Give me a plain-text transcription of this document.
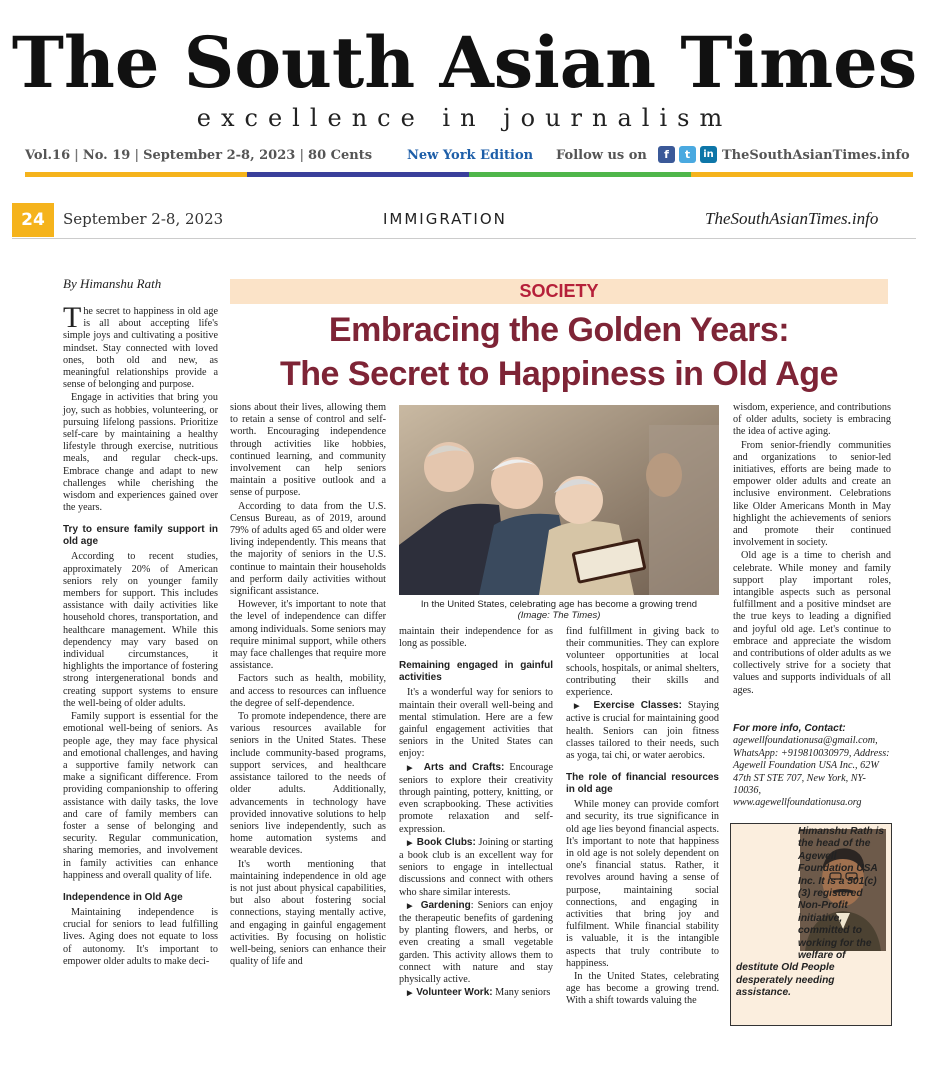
The South Asian Times
excellence in journalism
Vol.16 | No. 19 | September 2-8, 2023 | 80 Cents	New York Edition Follow us on	f	t	in TheSouthAsianTimes.info
24	September 2-8, 2023	IMMIGRATION	TheSouthAsianTimes.info
By Himanshu Rath	SOCIETY
Embracing the Golden Years:
The Secret to Happiness in Old Age

The secret to happiness in old age is all about accepting life's simple joys and cultivating a positive mindset. Stay connected with loved ones, both old and new, as meaningful relationships provide a sense of belonging and purpose.

Engage in activities that bring you joy, such as hobbies, volunteering, or pursuing lifelong passions. Prioritize self-care by maintaining a healthy lifestyle through exercise, nutritious meals, and regular check-ups. Embrace change and adapt to new challenges while cherishing the wisdom and experiences gained over the years.

Try to ensure family support in old age

According to recent studies, approximately 20% of American seniors rely on younger family members for support. This includes assistance with daily activities like household chores, transportation, and healthcare management. While this dependency may vary based on individual circumstances, it highlights the importance of fostering strong intergenerational bonds and creating support systems to ensure the well-being of older adults.

Family support is essential for the emotional well-being of seniors. As people age, they may face physical and emotional challenges, and having a supportive family network can make a significant difference. From providing companionship to offering assistance with daily tasks, the love and care of family members can foster a sense of belonging and security. Regular communication, sharing memories, and involvement in family activities can enhance happiness and overall quality of life.

Independence in Old Age

Maintaining independence is crucial for seniors to lead fulfilling lives. Aging does not equate to loss of autonomy. It's important to empower older adults to make deci-

sions about their lives, allowing them to retain a sense of control and self-worth. Encouraging independence through activities like hobbies, continued learning, and community involvement can help seniors maintain a positive outlook and a sense of purpose.

According to data from the U.S. Census Bureau, as of 2019, around 79% of adults aged 65 and older were living independently. This means that the majority of seniors in the U.S. continue to maintain their households and perform daily activities without significant assistance.

However, it's important to note that the level of independence can differ among individuals. Some seniors may require minimal support, while others may face challenges that require more assistance.

Factors such as health, mobility, and access to resources can influence the degree of self-dependence.

To promote independence, there are various resources available for seniors in the United States. These include community-based programs, support services, and healthcare assistance tailored to the needs of older adults. Additionally, advancements in technology have provided innovative solutions to help seniors live independently, such as home automation systems and wearable devices.

It's worth mentioning that maintaining independence in old age is not just about physical capabilities, but also about fostering social connections, staying mentally active, and engaging in gainful engagement activities. By focusing on holistic well-being, seniors can enhance their quality of life and

In the United States, celebrating age has become a growing trend
(Image: The Times)

maintain their independence for as long as possible.

Remaining engaged in gainful activities

It's a wonderful way for seniors to maintain their overall well-being and mental stimulation. Here are a few gainful engagement activities that seniors in the United States can enjoy:

▶  Arts and Crafts: Encourage seniors to explore their creativity through painting, pottery, knitting, or even scrapbooking. These activities promote relaxation and self-expression.

▶  Book Clubs: Joining or starting a book club is an excellent way for seniors to engage in intellectual discussions and connect with others who share similar interests.

▶  Gardening: Seniors can enjoy the therapeutic benefits of gardening by planting flowers, and herbs, or even creating a small vegetable garden. This activity allows them to connect with nature and stay physically active.

▶  Volunteer Work: Many seniors

find fulfillment in giving back to their communities. They can explore volunteer opportunities at local schools, hospitals, or animal shelters, contributing their skills and experience.

▶  Exercise Classes: Staying active is crucial for maintaining good health. Seniors can join fitness classes tailored to their needs, such as yoga, tai chi, or water aerobics.

The role of financial resources in old age

While money can provide comfort and security, its true significance in old age lies beyond financial aspects. It's important to note that happiness in old age is not solely dependent on one's financial status. Rather, it revolves around having a sense of purpose, maintaining social connections, and engaging in activities that bring joy and fulfilment. While financial stability is valuable, it is the intangible aspects that truly contribute to happiness.

In the United States, celebrating age has become a growing trend. With a shift towards valuing the

wisdom, experience, and contributions of older adults, society is embracing the idea of active aging.

From senior-friendly communities and organizations to senior-led initiatives, efforts are being made to empower older adults and create an inclusive environment. Celebrations like Older Americans Month in May highlight the achievements of seniors and promote their continued involvement in society.

Old age is a time to cherish and celebrate. While money and family support play important roles, intangible aspects such as personal fulfillment and a positive mindset are the true keys to leading a dignified and joyful old age. Let's continue to embrace and appreciate the wisdom and contributions of older adults as we collectively strive for a society that values and supports individuals of all ages.

For more info, Contact: agewellfoundationusa@gmail.com, WhatsApp: +919810030979, Address: Agewell Foundation USA Inc., 62W 47th ST STE 707, New York, NY-10036, www.agewellfoundationusa.org
Himanshu Rath is the head of the Agewell Foundation USA Inc. It is a 501(c)(3) registered Non-Profit initiative, committed to working for the welfare of destitute Old People desperately needing assistance.
